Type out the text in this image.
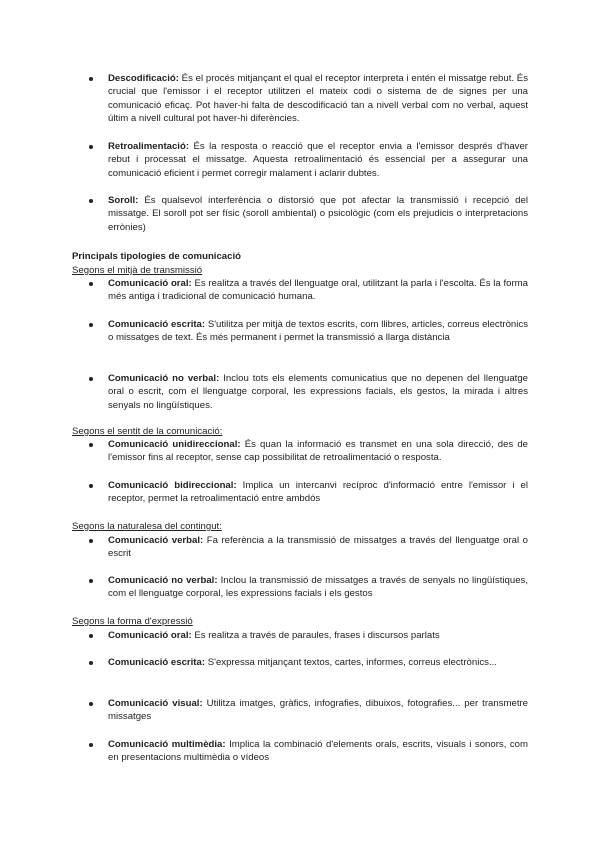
Descodificació: És el procés mitjançant el qual el receptor interpreta i entén el missatge rebut. És crucial que l'emissor i el receptor utilitzen el mateix codi o sistema de de signes per una comunicació eficaç. Pot haver-hi falta de descodificació tan a nivell verbal com no verbal, aquest últim a nivell cultural pot haver-hi diferències.
Retroalimentació: És la resposta o reacció que el receptor envia a l'emissor després d'haver rebut i processat el missatge. Aquesta retroalimentació és essencial per a assegurar una comunicació eficient i permet corregir malament i aclarir dubtes.
Soroll: És qualsevol interferència o distorsió que pot afectar la transmissió i recepció del missatge. El soroll pot ser físic (soroll ambiental) o psicològic (com els prejudicis o interpretacions errònies)
Principals tipologies de comunicació
Segons el mitjà de transmissió
Comunicació oral: Es realitza a través del llenguatge oral, utilitzant la parla i l'escolta. És la forma més antiga i tradicional de comunicació humana.
Comunicació escrita: S'utilitza per mitjà de textos escrits, com llibres, articles, correus electrònics o missatges de text. És més permanent i permet la transmissió a llarga distància
Comunicació no verbal: Inclou tots els elements comunicatius que no depenen del llenguatge oral o escrit, com el llenguatge corporal, les expressions facials, els gestos, la mirada i altres senyals no lingüístiques.
Segons el sentit de la comunicació:
Comunicació unidireccional: És quan la informació es transmet en una sola direcció, des de l'emissor fins al receptor, sense cap possibilitat de retroalimentació o resposta.
Comunicació bidireccional: Implica un intercanvi recíproc d'informació entre l'emissor i el receptor, permet la retroalimentació entre ambdós
Segons la naturalesa del contingut:
Comunicació verbal: Fa referència a la transmissió de missatges a través del llenguatge oral o escrit
Comunicació no verbal: Inclou la transmissió de missatges a través de senyals no lingüístiques, com el llenguatge corporal, les expressions facials i els gestos
Segons la forma d'expressió
Comunicació oral: Es realitza a través de paraules, frases i discursos parlats
Comunicació escrita: S'expressa mitjançant textos, cartes, informes, correus electrònics...
Comunicació visual: Utilitza imatges, gràfics, infografies, dibuixos, fotografies... per transmetre missatges
Comunicació multimèdia: Implica la combinació d'elements orals, escrits, visuals i sonors, com en presentacions multimèdia o vídeos
